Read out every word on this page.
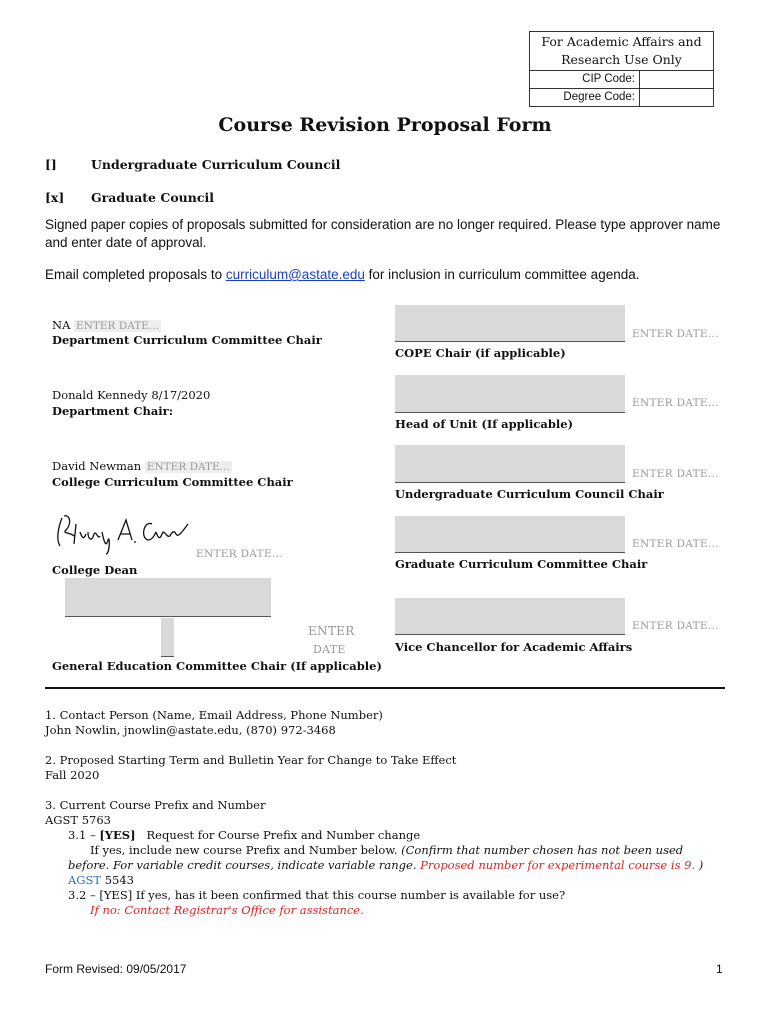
For Academic Affairs and Research Use Only
CIP Code:
Degree Code:
Course Revision Proposal Form
[]	Undergraduate Curriculum Council
[x] Graduate Council
Signed paper copies of proposals submitted for consideration are no longer required. Please type approver name and enter date of approval.
Email completed proposals to curriculum@astate.edu for inclusion in curriculum committee agenda.
NA ENTER DATE...
Department Curriculum Committee Chair
Donald Kennedy 8/17/2020
Department Chair:
David Newman ENTER DATE...
College Curriculum Committee Chair
ENTER DATE...
College Dean
ENTER
DATE
General Education Committee Chair (If applicable)
ENTER DATE...
COPE Chair (if applicable)
ENTER DATE...
Head of Unit (If applicable)
ENTER DATE...
Undergraduate Curriculum Council Chair
ENTER DATE...
Graduate Curriculum Committee Chair
ENTER DATE...
Vice Chancellor for Academic Affairs
1. Contact Person (Name, Email Address, Phone Number)
John Nowlin, jnowlin@astate.edu, (870) 972-3468
2. Proposed Starting Term and Bulletin Year for Change to Take Effect
Fall 2020
3. Current Course Prefix and Number
AGST 5763
3.1 – [YES] Request for Course Prefix and Number change
If yes, include new course Prefix and Number below. (Confirm that number chosen has not been used before. For variable credit courses, indicate variable range. Proposed number for experimental course is 9. )
AGST 5543
3.2 – [YES] If yes, has it been confirmed that this course number is available for use?
If no: Contact Registrar's Office for assistance.
Form Revised: 09/05/2017	1
